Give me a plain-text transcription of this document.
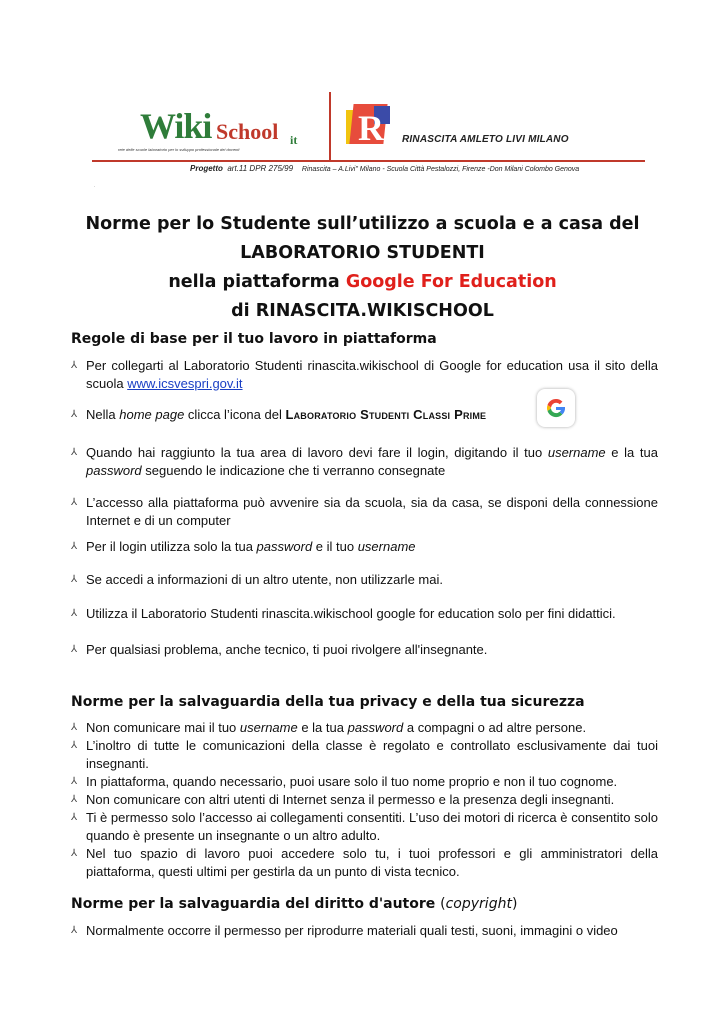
Wiki School it
rete delle scuole laboratorio per lo sviluppo professionale dei docenti
R RINASCITA AMLETO LIVI MILANO
Progetto art.11 DPR 275/99 Rinascita – A.Livi" Milano - Scuola Città Pestalozzi, Firenze -Don Milani Colombo Genova
.
Norme per lo Studente sull’utilizzo a scuola e a casa del
LABORATORIO STUDENTI
nella piattaforma Google For Education
di RINASCITA.WIKISCHOOL
Regole di base per il tuo lavoro in piattaforma
⅄ Per collegarti al Laboratorio Studenti rinascita.wikischool di Google for education usa il sito della scuola www.icsvespri.gov.it
⅄ Nella home page clicca l’icona del Laboratorio Studenti Classi Prime
⅄ Quando hai raggiunto la tua area di lavoro devi fare il login, digitando il tuo username e la tua password seguendo le indicazione che ti verranno consegnate
⅄ L’accesso alla piattaforma può avvenire sia da scuola, sia da casa, se disponi della connessione Internet e di un computer
⅄ Per il login utilizza solo la tua password e il tuo username
⅄ Se accedi a informazioni di un altro utente, non utilizzarle mai.
⅄ Utilizza il Laboratorio Studenti rinascita.wikischool google for education solo per fini didattici.
⅄ Per qualsiasi problema, anche tecnico, ti puoi rivolgere all'insegnante.
Norme per la salvaguardia della tua privacy e della tua sicurezza
⅄ Non comunicare mai il tuo username e la tua password a compagni o ad altre persone.
⅄ L’inoltro di tutte le comunicazioni della classe è regolato e controllato esclusivamente dai tuoi insegnanti.
⅄ In piattaforma, quando necessario, puoi usare solo il tuo nome proprio e non il tuo cognome.
⅄ Non comunicare con altri utenti di Internet senza il permesso e la presenza degli insegnanti.
⅄ Ti è permesso solo l’accesso ai collegamenti consentiti. L’uso dei motori di ricerca è consentito solo quando è presente un insegnante o un altro adulto.
⅄ Nel tuo spazio di lavoro puoi accedere solo tu, i tuoi professori e gli amministratori della piattaforma, questi ultimi per gestirla da un punto di vista tecnico.
Norme per la salvaguardia del diritto d'autore (copyright)
⅄ Normalmente occorre il permesso per riprodurre materiali quali testi, suoni, immagini o video
